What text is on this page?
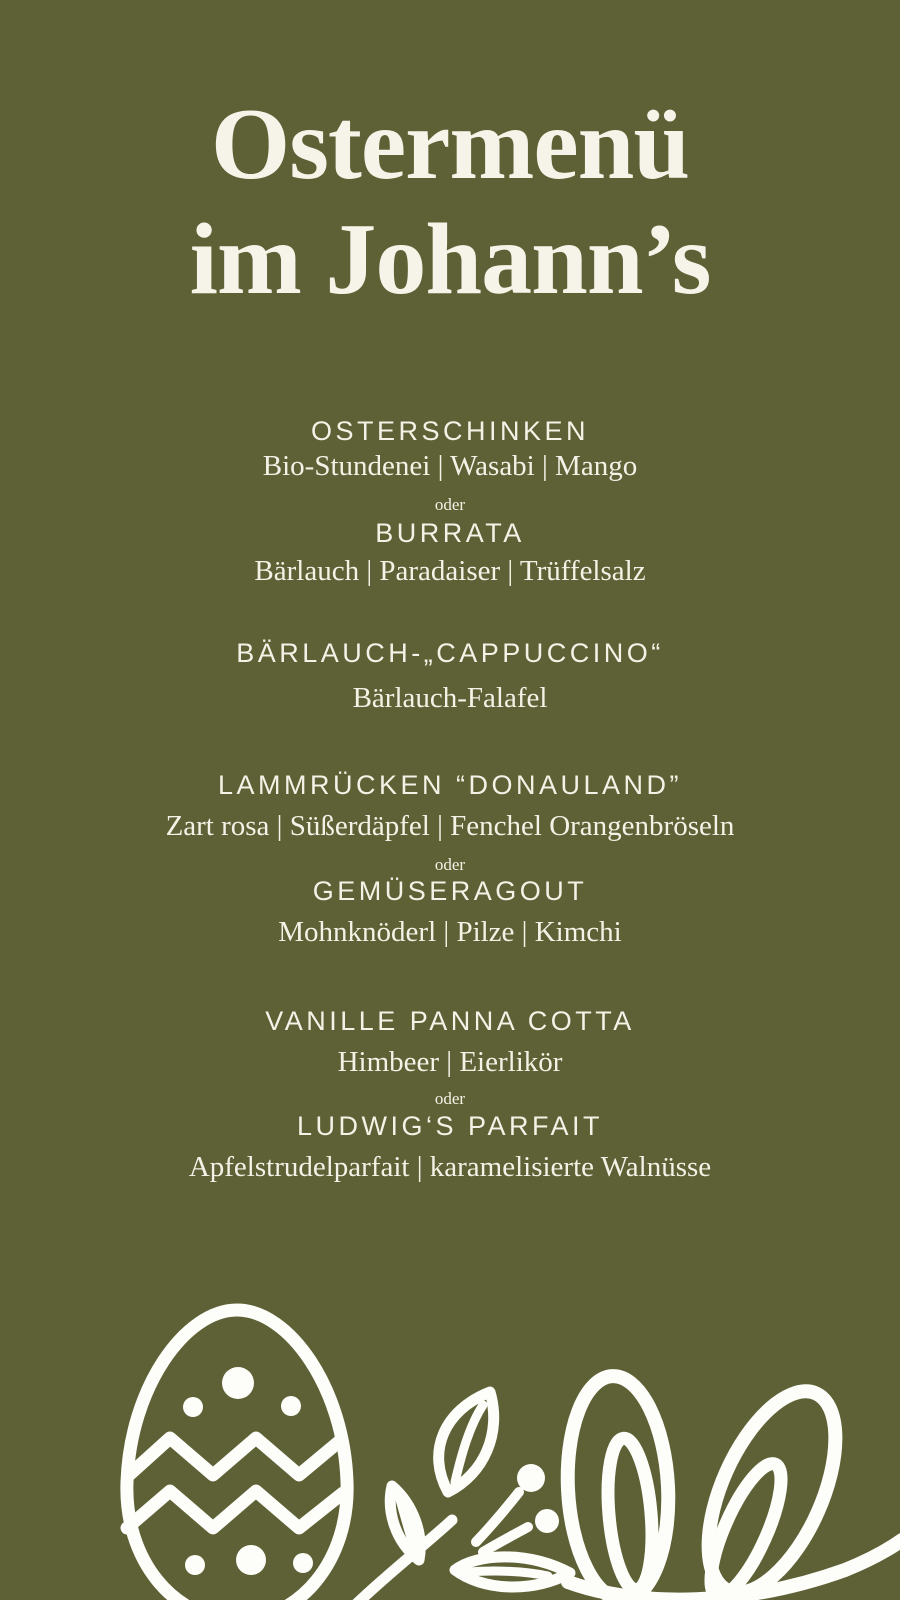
Ostermenü
im Johann’s
OSTERSCHINKEN
Bio-Stundenei | Wasabi | Mango
oder
BURRATA
Bärlauch | Paradaiser | Trüffelsalz
BÄRLAUCH-„CAPPUCCINO“
Bärlauch-Falafel
LAMMRÜCKEN “DONAULAND”
Zart rosa | Süßerdäpfel | Fenchel Orangenbröseln
oder
GEMÜSERAGOUT
Mohnknöderl | Pilze | Kimchi
VANILLE PANNA COTTA
Himbeer | Eierlikör
oder
LUDWIG‘S PARFAIT
Apfelstrudelparfait | karamelisierte Walnüsse
